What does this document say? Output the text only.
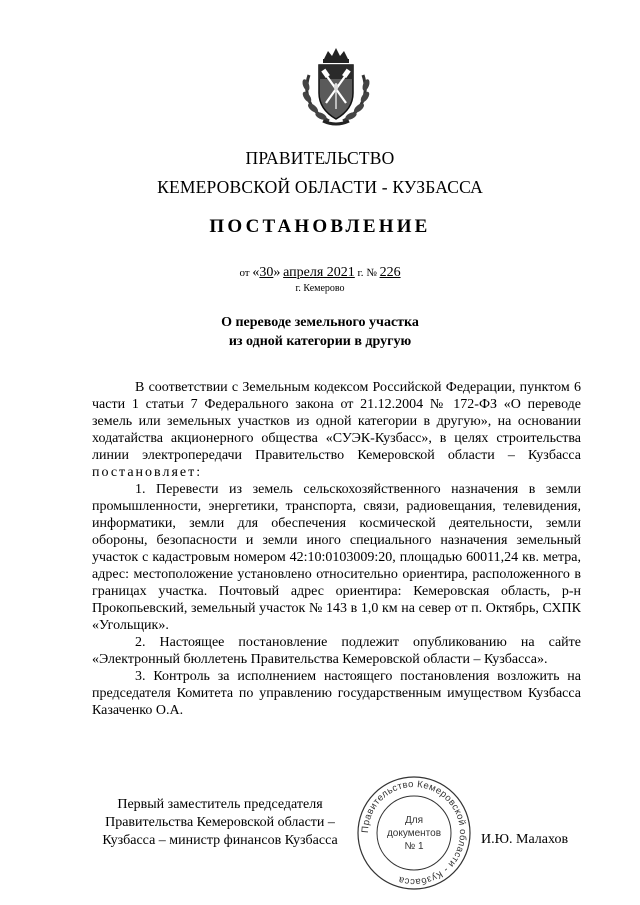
ПРАВИТЕЛЬСТВО
КЕМЕРОВСКОЙ ОБЛАСТИ - КУЗБАССА
ПОСТАНОВЛЕНИЕ
от «30» апреля 2021 г. № 226
г. Кемерово
О переводе земельного участка
из одной категории в другую

В соответствии с Земельным кодексом Российской Федерации, пунктом 6 части 1 статьи 7 Федерального закона от 21.12.2004 № 172-ФЗ «О переводе земель или земельных участков из одной категории в другую», на основании ходатайства акционерного общества «СУЭК-Кузбасс», в целях строительства линии электропередачи Правительство Кемеровской области – Кузбасса постановляет:

1. Перевести из земель сельскохозяйственного назначения в земли промышленности, энергетики, транспорта, связи, радиовещания, телевидения, информатики, земли для обеспечения космической деятельности, земли обороны, безопасности и земли иного специального назначения земельный участок с кадастровым номером 42:10:0103009:20, площадью 60011,24 кв. метра, адрес: местоположение установлено относительно ориентира, расположенного в границах участка. Почтовый адрес ориентира: Кемеровская область, р-н Прокопьевский, земельный участок № 143 в 1,0 км на север от п. Октябрь, СХПК «Угольщик».

2. Настоящее постановление подлежит опубликованию на сайте «Электронный бюллетень Правительства Кемеровской области – Кузбасса».

3. Контроль за исполнением настоящего постановления возложить на председателя Комитета по управлению государственным имуществом Кузбасса Казаченко О.А.

Первый заместитель председателя
Правительства Кемеровской области –
Кузбасса – министр финансов Кузбасса
Правительство Кемеровской области - Кузбасса
Для
документов
№ 1	И.Ю. Малахов
